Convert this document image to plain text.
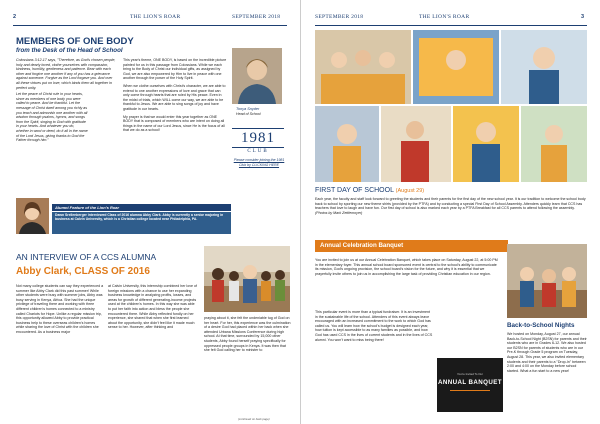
2	THE LION'S ROAR	SEPTEMBER 2018
MEMBERS OF ONE BODY
from the Desk of the Head of School

Colossians 3:12-17 says, "Therefore, as God's chosen people, holy and dearly loved, clothe yourselves with compassion, kindness, humility, gentleness and patience. Bear with each other and forgive one another if any of you has a grievance against someone. Forgive as the Lord forgave you. And over all these virtues put on love, which binds them all together in perfect unity.

Let the peace of Christ rule in your hearts, since as members of one body you were called to peace. And be thankful. Let the message of Christ dwell among you richly as you teach and admonish one another with all wisdom through psalms, hymns, and songs from the Spirit, singing to God with gratitude in your hearts. And whatever you do, whether in word or deed, do it all in the name of the Lord Jesus, giving thanks to God the Father through him."

This year's theme, ONE BODY, is based on the incredible picture painted for us in this passage from Colossians. While we each bring to the Body of Christ our individual gifts, as assigned by God, we are also empowered by Him to live in peace with one another through the power of the Holy Spirit.

When we clothe ourselves with Christ's character, we are able to extend to one another expressions of love and grace that can only come through hearts that are ruled by His peace. Even in the midst of trials, which WILL come our way, we are able to be thankful to Jesus. We are able to sing songs of joy and have gratitude in our hearts.

My prayer is that we would enter this year together as ONE BODY that is composed of members who are intent on doing all things in the name of our Lord Jesus, since He is the focus of all that we do as a school!

Tonya Snyder
Head of School
1981
CLUB
Please consider joining the 1981 Club by CLICKING HERE
Alumni Feature of the Lion's Roar
Dawn Srellenberger interviewed Class of 2016 alumna Abby Clark. Abby is currently a senior majoring in business at Calvin University, which is a Christian college located near Philadelphia, PA.
AN INTERVIEW OF A CCS ALUMNA
Abby Clark, CLASS OF 2016
Not many college students can say they experienced a summer like Abby Clark did this past summer! While other students were busy with summer jobs, Abby was busy serving in Kenya, Africa. She had the unique privilege of traveling there and working with three different children's homes connected to a ministry called Chariots for Hope. Unlike a regular mission trip, this opportunity allowed Abby to provide practical business help to these overseas children's homes while sharing the love of Christ with the children she encountered. As a business major
at Calvin University, this internship combined her love of foreign missions with a chance to use her expanding business knowledge in analyzing profits, losses, and areas for growth of different generating-income projects used at the children's homes. In this way she was able to put her faith into action and bless the people she encountered there. While Abby reflected fondly on her experience, she shared that when she first learned about the opportunity, she didn't feel like it made much sense to her. However, after thinking and
praying about it, she felt the undeniable tug of God on her heart. For her, this experience was the culmination of a desire God had placed within her back when she attended Urbana Missions Conference during high school. At that time, surrounded by 15,000 other students, Abby found herself praying specifically for oppressed people groups in Kenya. It was then that she felt God calling her to minister to
(continued on back page)
SEPTEMBER 2018	THE LION'S ROAR	3
FIRST DAY OF SCHOOL (August 29)
Each year, the faculty and staff look forward to greeting the students and their parents for the first day of the new school year. It is our tradition to welcome the school body back to school by sporting our new theme shirts (provided by the PTFA) and by conducting a special First Day of School Assembly. Attenders quickly learn that CCS has teachers that love to laugh and have fun. Our first day of school is also marked each year by a PTFA Breakfast for all CCS parents to attend following the assembly. (Photos by Mark Zettlemoyer)
Annual Celebration Banquet
You are invited to join us at our Annual Celebration Banquet, which takes place on Saturday, August 22, at 5:00 PM in the elementary foyer. This annual school board sponsored event is central to the school's ability to communicate its mission, God's ongoing provision, the school board's vision for the future, and why it is essential that we prayerfully invite others to join us in accomplishing the large task of providing Christian education in our region.
This particular event is more than a typical fundraiser. It is an investment in the sustainable life of the school. Attenders of this event always leave encouraged with an increased commitment to the work to which God has called us. You will learn how the school's budget is designed each year, how tuition is kept accessible to as many families as possible, and how God has used CCS in the lives of current students and in the lives of CCS alumni. You won't want to miss being there!
You're Invited To Our
ANNUAL BANQUET
Back-to-School Nights
We hosted on Monday, August 27, our annual Back-to-School Night (B2SN) for parents and their students who are in Grades 6-12. We also hosted our B2SN for parents of students who are in our Pre-K through Grade 5 program on Tuesday, August 28. This year, we also invited elementary students and their parents to a "Drop-In" between 2:00 and 4:00 on the Monday before school started. What a fun start to a new year!
